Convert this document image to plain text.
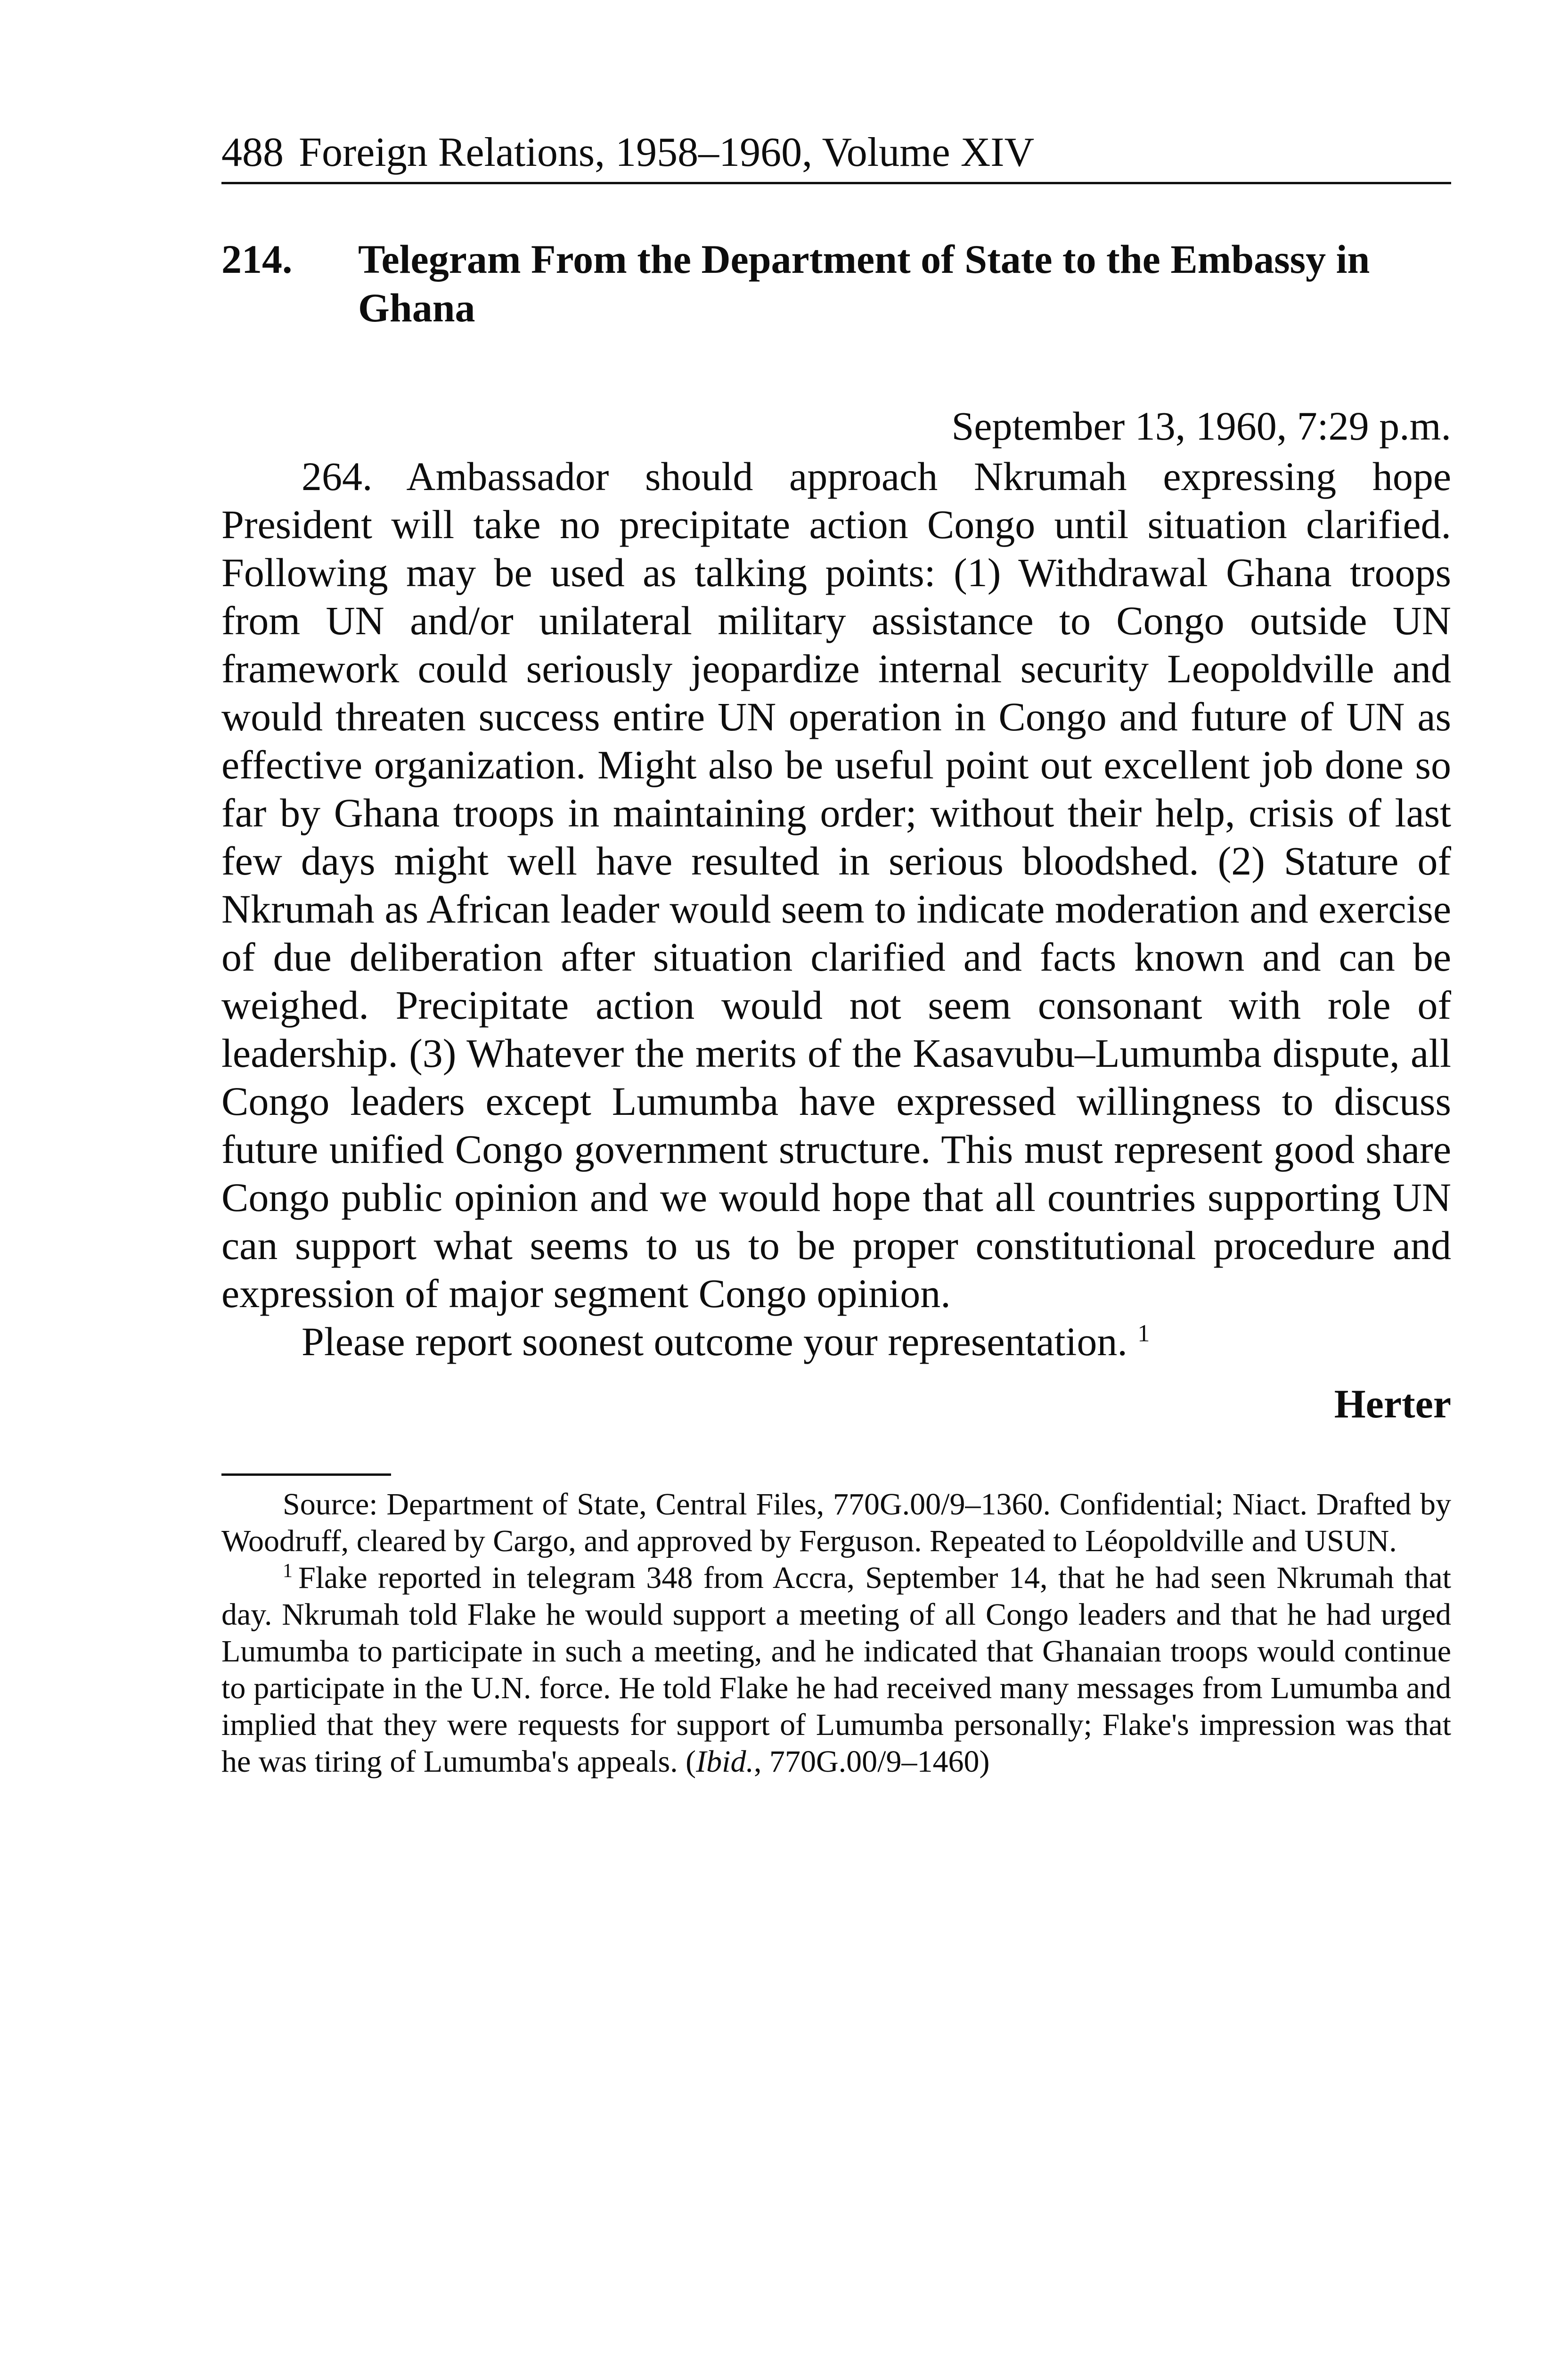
488 Foreign Relations, 1958–1960, Volume XIV
214.	Telegram From the Department of State to the Embassy in Ghana
September 13, 1960, 7:29 p.m.

264. Ambassador should approach Nkrumah expressing hope President will take no precipitate action Congo until situation clarified. Following may be used as talking points: (1) Withdrawal Ghana troops from UN and/or unilateral military assistance to Congo outside UN framework could seriously jeopardize internal security Leopoldville and would threaten success entire UN operation in Congo and future of UN as effective organization. Might also be useful point out excellent job done so far by Ghana troops in maintaining order; without their help, crisis of last few days might well have resulted in serious bloodshed. (2) Stature of Nkrumah as African leader would seem to indicate moderation and exercise of due deliberation after situation clarified and facts known and can be weighed. Precipitate action would not seem consonant with role of leadership. (3) Whatever the merits of the Kasavubu–Lumumba dispute, all Congo leaders except Lumumba have expressed willingness to discuss future unified Congo government structure. This must represent good share Congo public opinion and we would hope that all countries supporting UN can support what seems to us to be proper constitutional procedure and expression of major segment Congo opinion.

Please report soonest outcome your representation. $^1$

Herter

Source: Department of State, Central Files, 770G.00/9–1360. Confidential; Niact. Drafted by Woodruff, cleared by Cargo, and approved by Ferguson. Repeated to Léopoldville and USUN.

$^1$ Flake reported in telegram 348 from Accra, September 14, that he had seen Nkrumah that day. Nkrumah told Flake he would support a meeting of all Congo leaders and that he had urged Lumumba to participate in such a meeting, and he indicated that Ghanaian troops would continue to participate in the U.N. force. He told Flake he had received many messages from Lumumba and implied that they were requests for support of Lumumba personally; Flake's impression was that he was tiring of Lumumba's appeals. (Ibid., 770G.00/9–1460)
